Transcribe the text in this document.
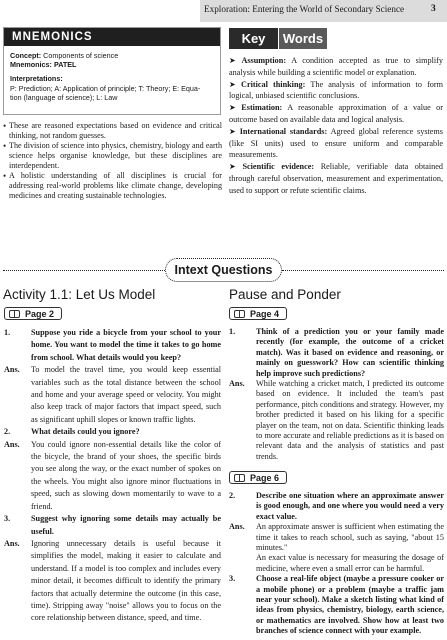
Exploration: Entering the World of Secondary Science	3
MNEMONICS
Concept: Components of science
Mnemonics: PATEL
Interpretations:
P: Prediction; A: Application of principle; T: Theory; E: Equa-
tion (language of science); L: Law
• These are reasoned expectations based on evidence and critical thinking, not random guesses.
• The division of science into physics, chemistry, biology and earth science helps organise knowledge, but these disciplines are interdependent.
• A holistic understanding of all disciplines is crucial for addressing real-world problems like climate change, developing medicines and creating sustainable technologies.
Key	Words
➤ Assumption: A condition accepted as true to simplify analysis while building a scientific model or explanation.
➤ Critical thinking: The analysis of information to form logical, unbiased scientific conclusions.
➤ Estimation: A reasonable approximation of a value or outcome based on available data and logical analysis.
➤ International standards: Agreed global reference systems (like SI units) used to ensure uniform and comparable measurements.
➤ Scientific evidence: Reliable, verifiable data obtained through careful observation, measurement and experimentation, used to support or refute scientific claims.
Intext Questions
Activity 1.1: Let Us Model
Page 2
1.	Suppose you ride a bicycle from your school to your home. You want to model the time it takes to go home from school. What details would you keep?
Ans. To model the travel time, you would keep essential variables such as the total distance between the school and home and your average speed or velocity. You might also keep track of major factors that impact speed, such as significant uphill slopes or known traffic lights.
2.	What details could you ignore?
Ans. You could ignore non-essential details like the color of the bicycle, the brand of your shoes, the specific birds you see along the way, or the exact number of spokes on the wheels. You might also ignore minor fluctuations in speed, such as slowing down momentarily to wave to a friend.
3.	Suggest why ignoring some details may actually be useful.
Ans. Ignoring unnecessary details is useful because it simplifies the model, making it easier to calculate and understand. If a model is too complex and includes every minor detail, it becomes difficult to identify the primary factors that actually determine the outcome (in this case, time). Stripping away "noise" allows you to focus on the core relationship between distance, speed, and time.
Pause and Ponder
Page 4
1.	Think of a prediction you or your family made recently (for example, the outcome of a cricket match). Was it based on evidence and reasoning, or mainly on guesswork? How can scientific thinking help improve such predictions?
Ans. While watching a cricket match, I predicted its outcome based on evidence. It included the team's past performance, pitch conditions and strategy. However, my brother predicted it based on his liking for a specific player on the team, not on data. Scientific thinking leads to more accurate and reliable predictions as it is based on relevant data and the analysis of statistics and past trends.
Page 6
2.	Describe one situation where an approximate answer is good enough, and one where you would need a very exact value.
Ans. An approximate answer is sufficient when estimating the time it takes to reach school, such as saying, "about 15 minutes."
An exact value is necessary for measuring the dosage of medicine, where even a small error can be harmful.
3.	Choose a real-life object (maybe a pressure cooker or a mobile phone) or a problem (maybe a traffic jam near your school). Make a sketch listing what kind of ideas from physics, chemistry, biology, earth science, or mathematics are involved. Show how at least two branches of science connect with your example.
